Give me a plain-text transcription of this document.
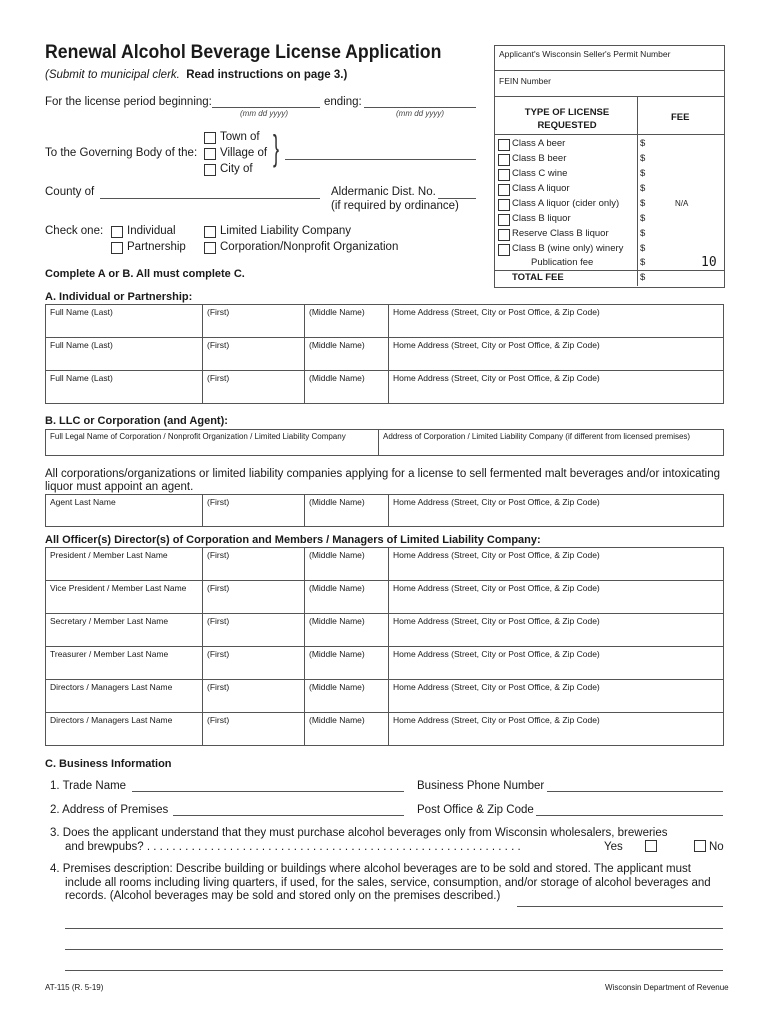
Renewal Alcohol Beverage License Application
(Submit to municipal clerk. Read instructions on page 3.)
For the license period beginning:
(mm dd yyyy)
ending:
(mm dd yyyy)
Town of
To the Governing Body of the: Village of
City of
}
County of	Aldermanic Dist. No.
(if required by ordinance)
Check one: Individual
Partnership
Limited Liability Company
Corporation/Nonprofit Organization
Complete A or B. All must complete C.
Applicant's Wisconsin Seller's Permit Number
FEIN Number
TYPE OF LICENSE REQUESTED
FEE
Class A beer	$
Class B beer	$
Class C wine	$
Class A liquor	$
Class A liquor (cider only) $	N/A
Class B liquor	$
Reserve Class B liquor	$
Class B (wine only) winery $
Publication fee	$	10
TOTAL FEE	$
A. Individual or Partnership:
Full Name (Last)	(First)	(Middle Name)	Home Address (Street, City or Post Office, & Zip Code)
Full Name (Last)	(First)	(Middle Name)	Home Address (Street, City or Post Office, & Zip Code)
Full Name (Last)	(First)	(Middle Name)	Home Address (Street, City or Post Office, & Zip Code)
B. LLC or Corporation (and Agent):
Full Legal Name of Corporation / Nonprofit Organization / Limited Liability Company	Address of Corporation / Limited Liability Company (if different from licensed premises)
All corporations/organizations or limited liability companies applying for a license to sell fermented malt beverages and/or intoxicating
liquor must appoint an agent.
Agent Last Name	(First)	(Middle Name)	Home Address (Street, City or Post Office, & Zip Code)
All Officer(s) Director(s) of Corporation and Members / Managers of Limited Liability Company:
President / Member Last Name	(First)	(Middle Name)	Home Address (Street, City or Post Office, & Zip Code)
Vice President / Member Last Name	(First)	(Middle Name)	Home Address (Street, City or Post Office, & Zip Code)
Secretary / Member Last Name	(First)	(Middle Name)	Home Address (Street, City or Post Office, & Zip Code)
Treasurer / Member Last Name	(First)	(Middle Name)	Home Address (Street, City or Post Office, & Zip Code)
Directors / Managers Last Name	(First)	(Middle Name)	Home Address (Street, City or Post Office, & Zip Code)
Directors / Managers Last Name	(First)	(Middle Name)	Home Address (Street, City or Post Office, & Zip Code)
C. Business Information
1. Trade Name	Business Phone Number
2. Address of Premises	Post Office & Zip Code
3. Does the applicant understand that they must purchase alcohol beverages only from Wisconsin wholesalers, breweries
and brewpubs? . . . . . . . . . . . . . . . . . . . . . . . . . . . . . . . . . . . . . . . . . . . . . . . . . . . . . . . . . . .	Yes	No
4. Premises description: Describe building or buildings where alcohol beverages are to be sold and stored. The applicant must
include all rooms including living quarters, if used, for the sales, service, consumption, and/or storage of alcohol beverages and
records. (Alcohol beverages may be sold and stored only on the premises described.)
AT-115 (R. 5-19)	Wisconsin Department of Revenue
